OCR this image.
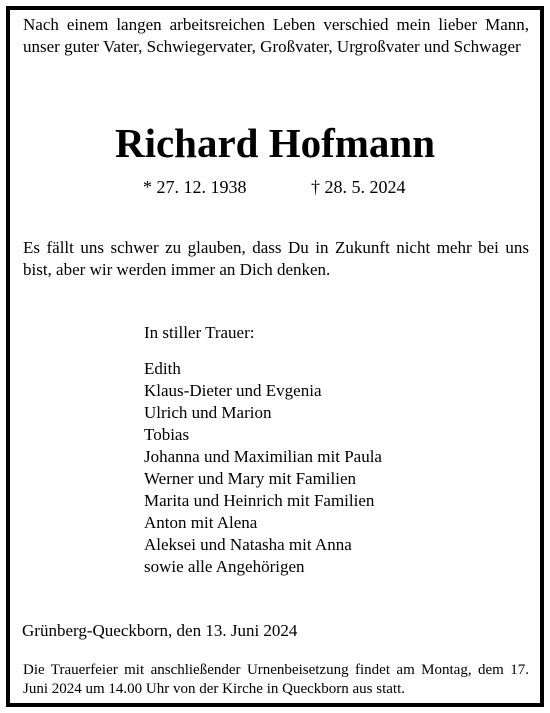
Nach einem langen arbeitsreichen Leben verschied mein lieber Mann, unser guter Vater, Schwiegervater, Großvater, Urgroßvater und Schwager
Richard Hofmann
* 27. 12. 1938	† 28. 5. 2024
Es fällt uns schwer zu glauben, dass Du in Zukunft nicht mehr bei uns bist, aber wir werden immer an Dich denken.
In stiller Trauer:
Edith
Klaus-Dieter und Evgenia
Ulrich und Marion
Tobias
Johanna und Maximilian mit Paula
Werner und Mary mit Familien
Marita und Heinrich mit Familien
Anton mit Alena
Aleksei und Natasha mit Anna
sowie alle Angehörigen
Grünberg-Queckborn, den 13. Juni 2024
Die Trauerfeier mit anschließender Urnenbeisetzung findet am Montag, dem 17. Juni 2024 um 14.00 Uhr von der Kirche in Queckborn aus statt.
